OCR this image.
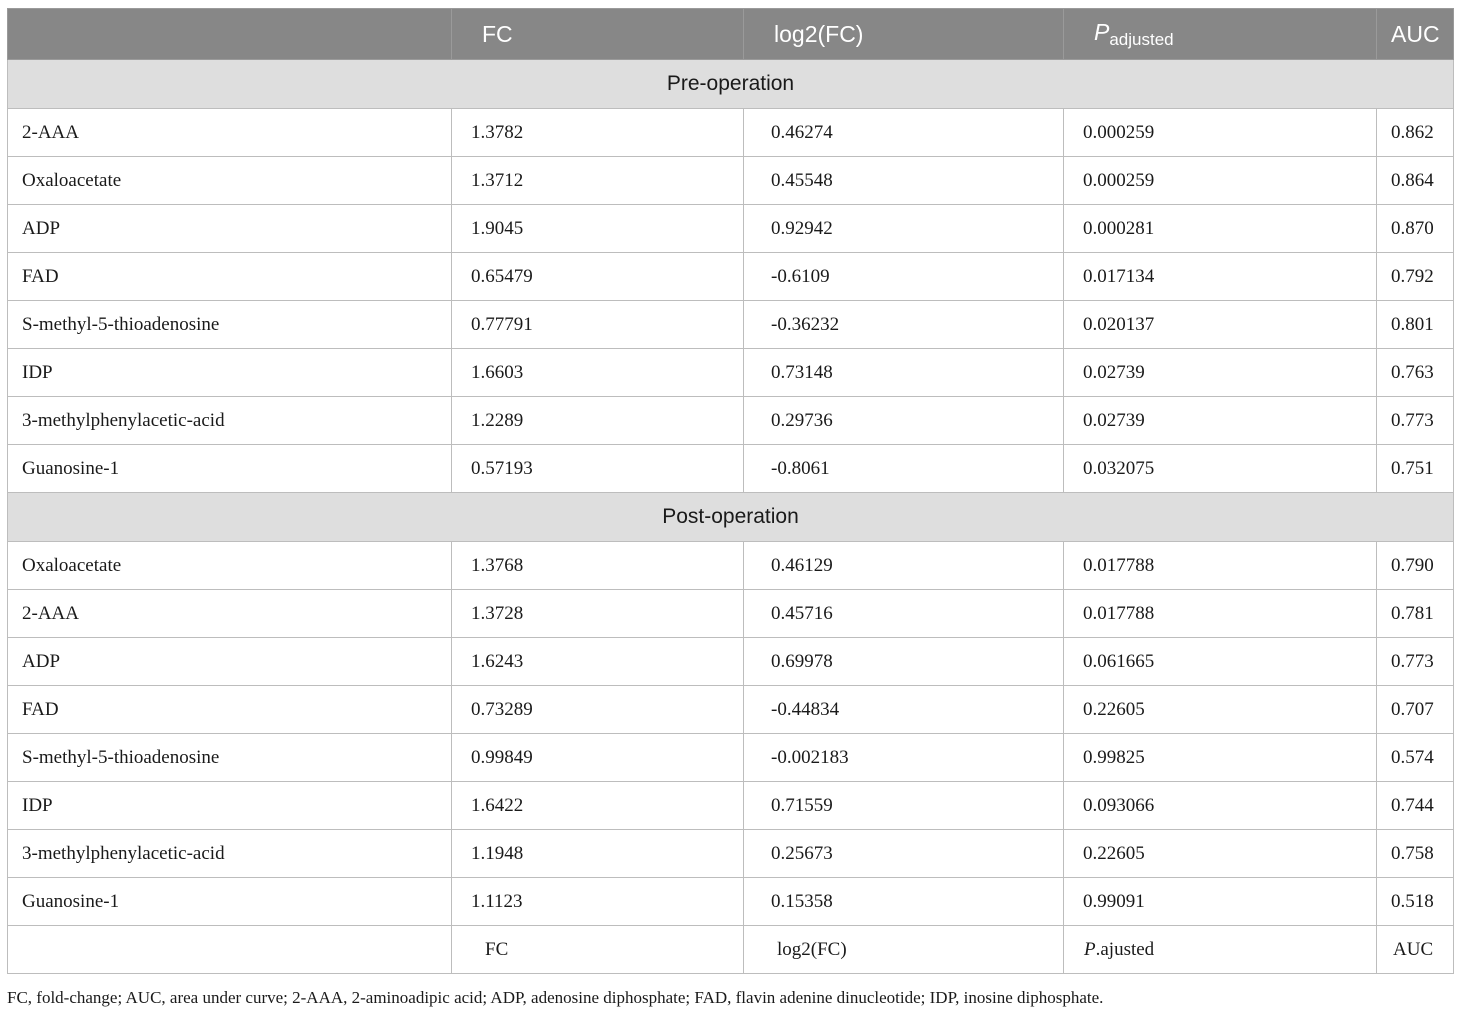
	FC	log2(FC)	$P_{adjusted}$	AUC
Pre-operation				
2-AAA	1.3782	0.46274	0.000259	0.862
Oxaloacetate	1.3712	0.45548	0.000259	0.864
ADP	1.9045	0.92942	0.000281	0.870
FAD	0.65479	-0.6109	0.017134	0.792
S-methyl-5-thioadenosine	0.77791	-0.36232	0.020137	0.801
IDP	1.6603	0.73148	0.02739	0.763
3-methylphenylacetic-acid	1.2289	0.29736	0.02739	0.773
Guanosine-1	0.57193	-0.8061	0.032075	0.751
Post-operation				
Oxaloacetate	1.3768	0.46129	0.017788	0.790
2-AAA	1.3728	0.45716	0.017788	0.781
ADP	1.6243	0.69978	0.061665	0.773
FAD	0.73289	-0.44834	0.22605	0.707
S-methyl-5-thioadenosine	0.99849	-0.002183	0.99825	0.574
IDP	1.6422	0.71559	0.093066	0.744
3-methylphenylacetic-acid	1.1948	0.25673	0.22605	0.758
Guanosine-1	1.1123	0.15358	0.99091	0.518
	FC	log2(FC)	P.ajusted	AUC
FC, fold-change; AUC, area under curve; 2-AAA, 2-aminoadipic acid; ADP, adenosine diphosphate; FAD, flavin adenine dinucleotide; IDP, inosine diphosphate.
